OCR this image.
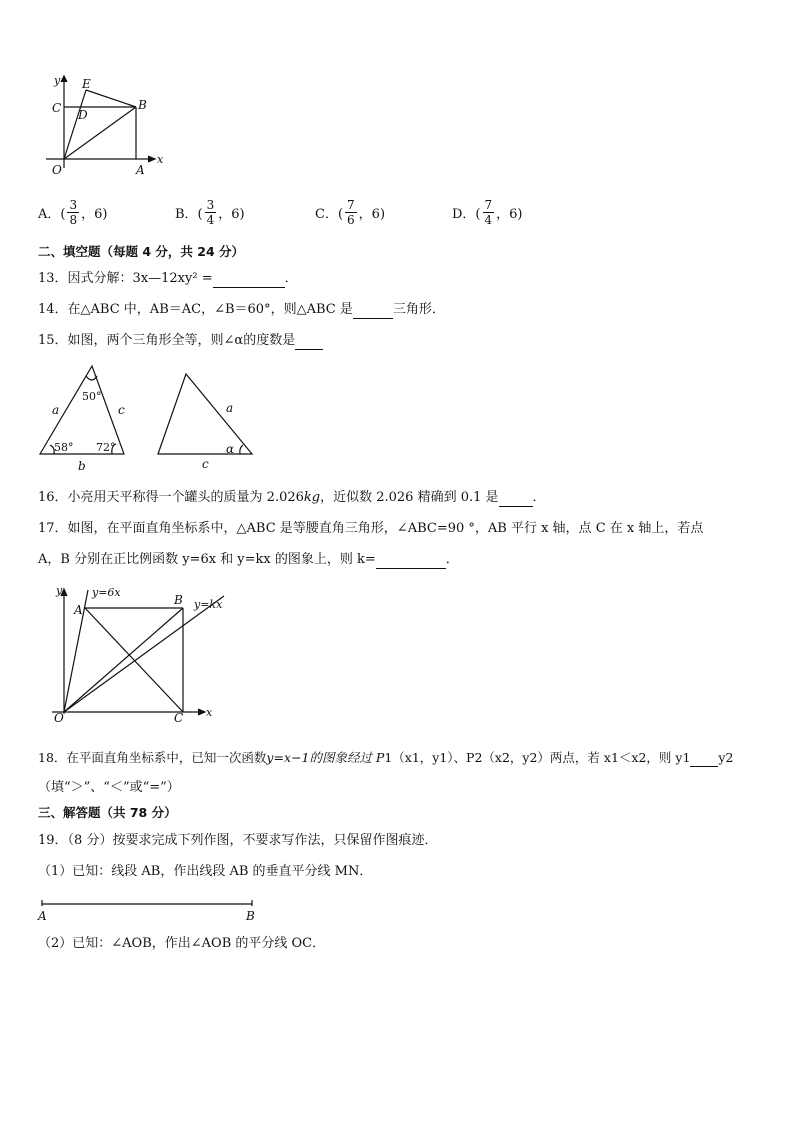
y
x
E
B
C D
O	A
A．( $\frac{3}{8}$ ，6)	B．( $\frac{3}{4}$ ，6)	C．( $\frac{7}{6}$ ，6)	D．( $\frac{7}{4}$ ，6)
二、填空题（每题 4 分，共 24 分）
13．因式分解：3x—12xy² =	．
14．在△ABC 中，AB＝AC，∠B＝60°，则△ABC 是	三角形．
15．如图，两个三角形全等，则∠α的度数是
50°
58° 72°
a	c
b
a
c
α
16．小亮用天平称得一个罐头的质量为 2.026kg，近似数 2.026 精确到 0.1 是	．
17．如图，在平面直角坐标系中，△ABC 是等腰直角三角形，∠ABC=90 °，AB 平行 x 轴，点 C 在 x 轴上，若点
A，B 分别在正比例函数 y=6x 和 y=kx 的图象上，则 k=	．
y
x
A
B
C
O
y=6x
y=kx
18．在平面直角坐标系中，已知一次函数y=x−1的图象经过 P1（x1，y1）、P2（x2，y2）两点，若 x1＜x2，则 y1 y2
（填“＞”、“＜”或“=”）
三、解答题（共 78 分）
19．（8 分）按要求完成下列作图，不要求写作法，只保留作图痕迹．
（1）已知：线段 AB，作出线段 AB 的垂直平分线 MN．
A	B
（2）已知：∠AOB，作出∠AOB 的平分线 OC．
